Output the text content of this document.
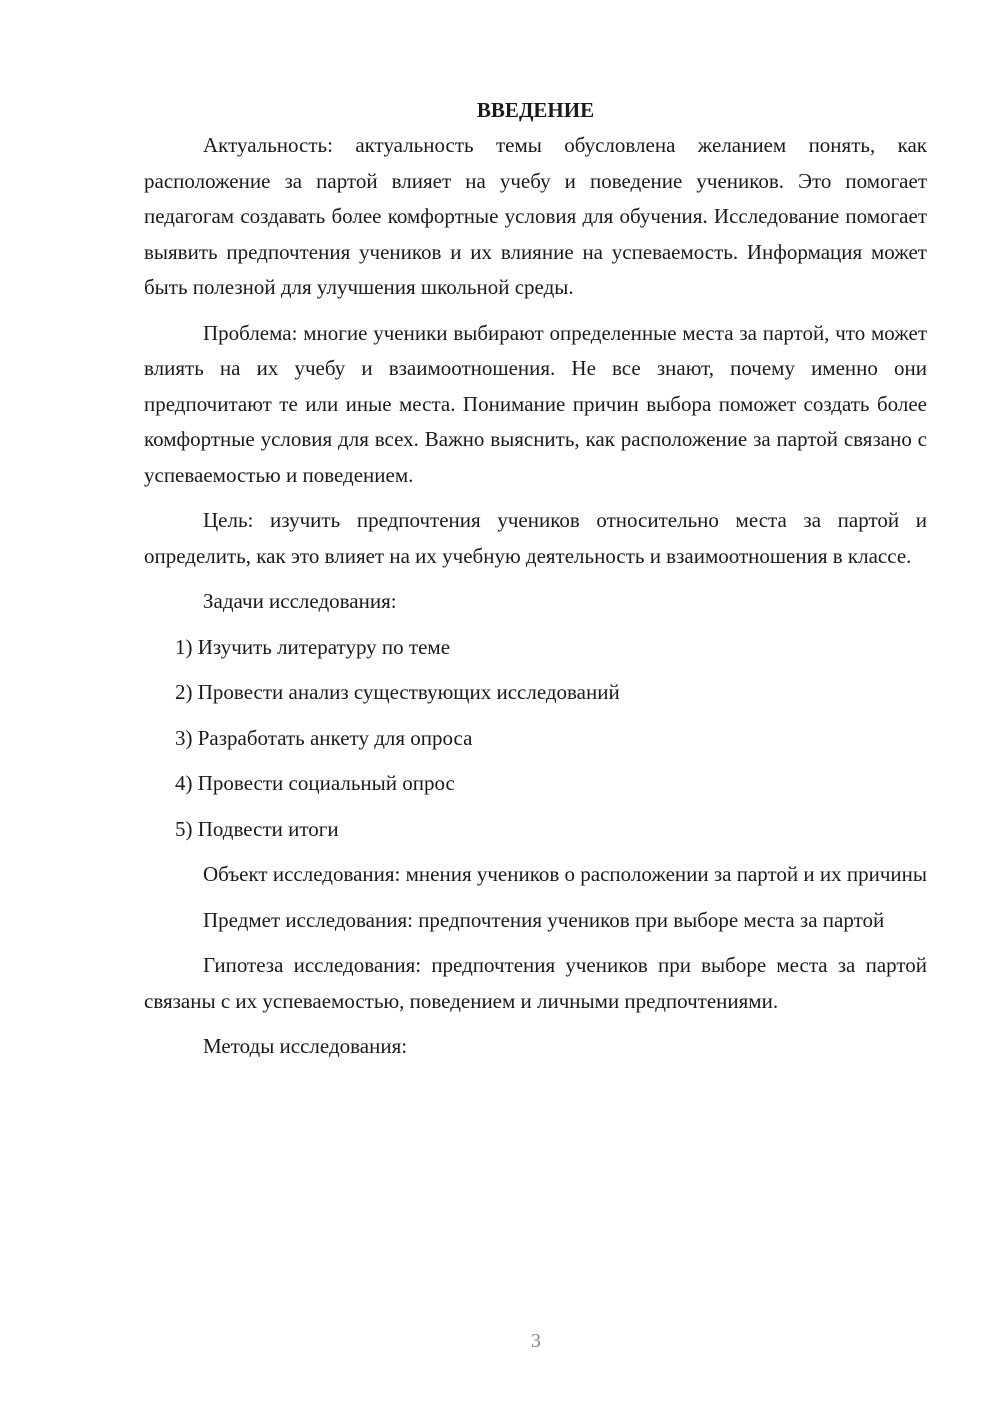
ВВЕДЕНИЕ

Актуальность: актуальность темы обусловлена желанием понять, как расположение за партой влияет на учебу и поведение учеников. Это помогает педагогам создавать более комфортные условия для обучения. Исследование помогает выявить предпочтения учеников и их влияние на успеваемость. Информация может быть полезной для улучшения школьной среды.

Проблема: многие ученики выбирают определенные места за партой, что может влиять на их учебу и взаимоотношения. Не все знают, почему именно они предпочитают те или иные места. Понимание причин выбора поможет создать более комфортные условия для всех. Важно выяснить, как расположение за партой связано с успеваемостью и поведением.

Цель: изучить предпочтения учеников относительно места за партой и определить, как это влияет на их учебную деятельность и взаимоотношения в классе.

Задачи исследования:

1) Изучить литературу по теме
2) Провести анализ существующих исследований
3) Разработать анкету для опроса
4) Провести социальный опрос
5) Подвести итоги

Объект исследования: мнения учеников о расположении за партой и их причины

Предмет исследования: предпочтения учеников при выборе места за партой

Гипотеза исследования: предпочтения учеников при выборе места за партой связаны с их успеваемостью, поведением и личными предпочтениями.

Методы исследования:

3
